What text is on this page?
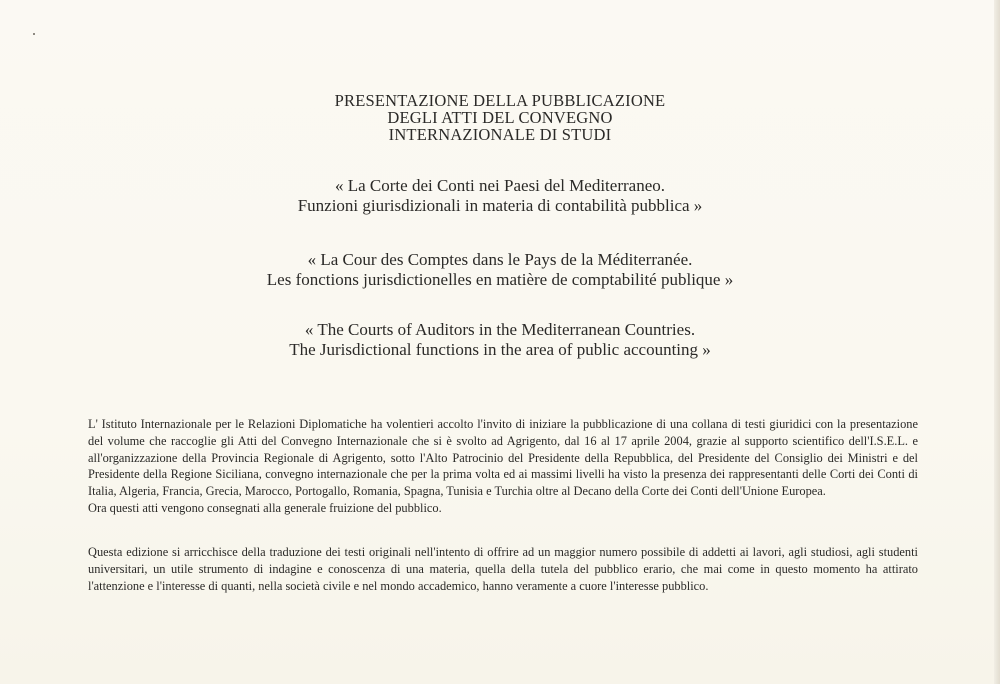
PRESENTAZIONE DELLA PUBBLICAZIONE
DEGLI ATTI DEL CONVEGNO
INTERNAZIONALE DI STUDI
« La Corte dei Conti nei Paesi del Mediterraneo.
Funzioni giurisdizionali in materia di contabilità pubblica »
« La Cour des Comptes dans le Pays de la Méditerranée.
Les fonctions jurisdictionelles en matière de comptabilité publique »
« The Courts of Auditors in the Mediterranean Countries.
The Jurisdictional functions in the area of public accounting »

L' Istituto Internazionale per le Relazioni Diplomatiche ha volentieri accolto l'invito di iniziare la pubblicazione di una collana di testi giuridici con la presentazione del volume che raccoglie gli Atti del Convegno Internazionale che si è svolto ad Agrigento, dal 16 al 17 aprile 2004, grazie al supporto scientifico dell'I.S.E.L. e all'organizzazione della Provincia Regionale di Agrigento, sotto l'Alto Patrocinio del Presidente della Repubblica, del Presidente del Consiglio dei Ministri e del Presidente della Regione Siciliana, convegno internazionale che per la prima volta ed ai massimi livelli ha visto la presenza dei rappresentanti delle Corti dei Conti di Italia, Algeria, Francia, Grecia, Marocco, Portogallo, Romania, Spagna, Tunisia e Turchia oltre al Decano della Corte dei Conti dell'Unione Europea.

Ora questi atti vengono consegnati alla generale fruizione del pubblico.

Questa edizione si arricchisce della traduzione dei testi originali nell'intento di offrire ad un maggior numero possibile di addetti ai lavori, agli studiosi, agli studenti universitari, un utile strumento di indagine e conoscenza di una materia, quella della tutela del pubblico erario, che mai come in questo momento ha attirato l'attenzione e l'interesse di quanti, nella società civile e nel mondo accademico, hanno veramente a cuore l'interesse pubblico.
